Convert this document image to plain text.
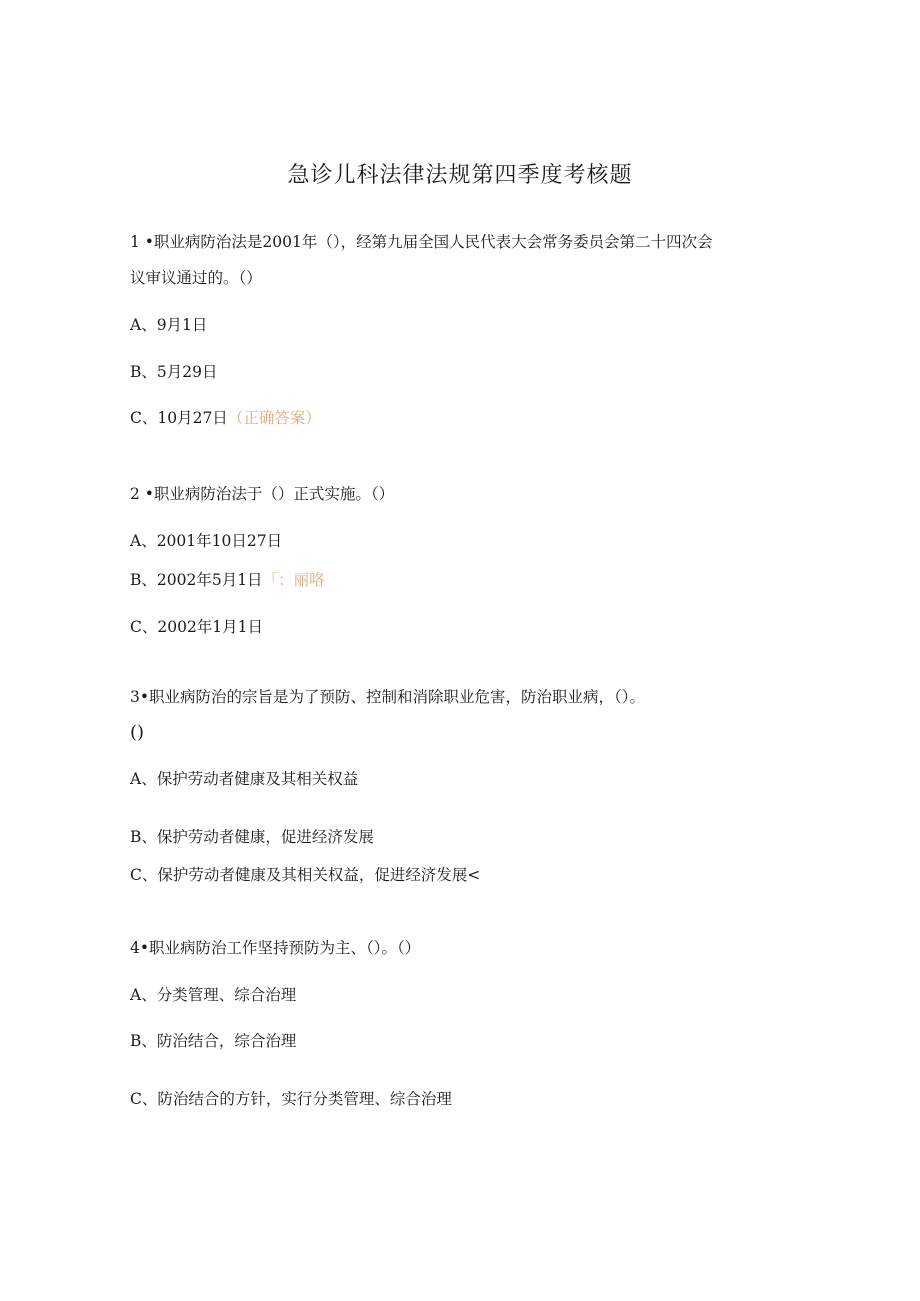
急诊儿科法律法规第四季度考核题
1 •职业病防治法是2001年（），经第九届全国人民代表大会常务委员会第二十四次会
议审议通过的。（）
A、9月1日
B、5月29日
C、10月27日（正确答案）
2 •职业病防治法于（）正式实施。（）
A、2001年10日27日
B、2002年5月1日「：丽咯
C、2002年1月1日
3•职业病防治的宗旨是为了预防、控制和消除职业危害，防治职业病，（）。
()
A、保护劳动者健康及其相关权益
B、保护劳动者健康，促进经济发展
C、保护劳动者健康及其相关权益，促进经济发展<
4•职业病防治工作坚持预防为主、（）。（）
A、分类管理、综合治理
B、防治结合，综合治理
C、防治结合的方针，实行分类管理、综合治理
